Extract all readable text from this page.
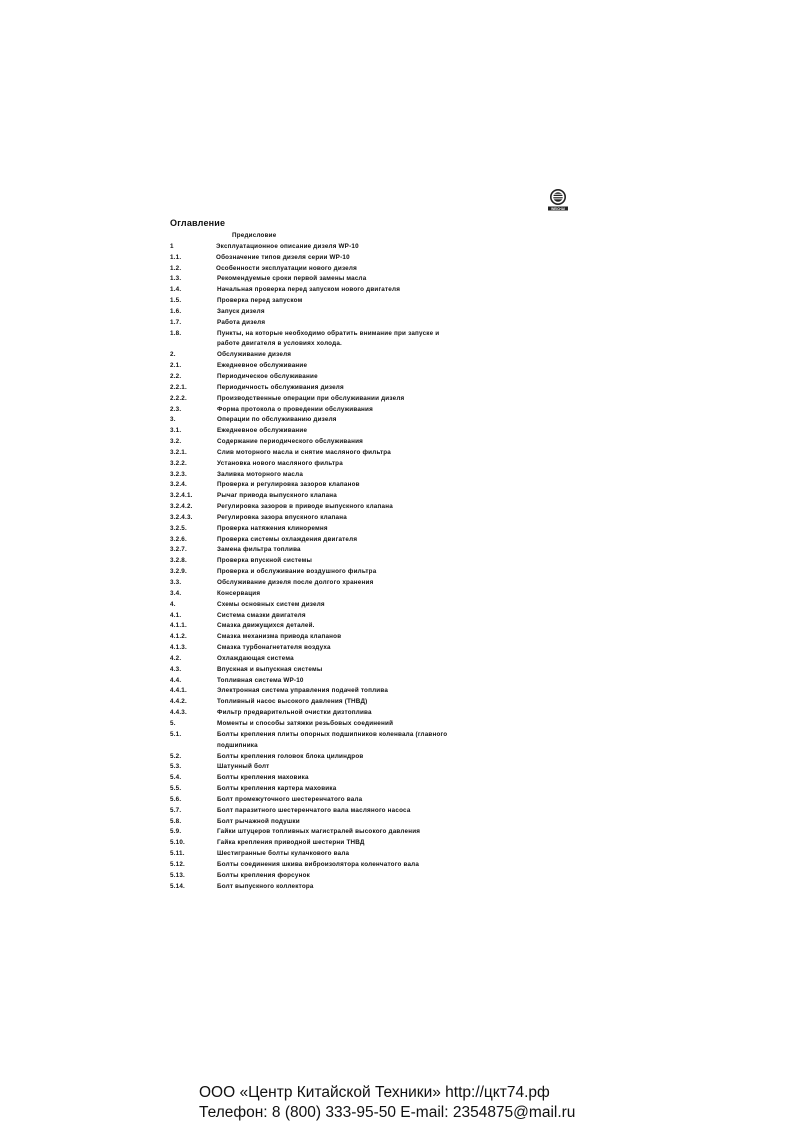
WEICHAI
Оглавление
Предисловие
1	Эксплуатационное описание дизеля WP-10
1.1.	Обозначение типов дизеля серии WP-10
1.2.	Особенности эксплуатации нового дизеля
1.3.	Рекомендуемые сроки первой замены масла
1.4.	Начальная проверка перед запуском нового двигателя
1.5.	Проверка перед запуском
1.6.	Запуск дизеля
1.7.	Работа дизеля
1.8.	Пункты, на которые необходимо обратить внимание при запуске и
работе двигателя в условиях холода.
2.	Обслуживание дизеля
2.1.	Ежедневное обслуживание
2.2.	Периодическое обслуживание
2.2.1.	Периодичность обслуживания дизеля
2.2.2.	Производственные операции при обслуживании дизеля
2.3.	Форма протокола о проведении обслуживания
3.	Операции по обслуживанию дизеля
3.1.	Ежедневное обслуживание
3.2.	Содержание периодического обслуживания
3.2.1.	Слив моторного масла и снятие масляного фильтра
3.2.2.	Установка нового масляного фильтра
3.2.3.	Заливка моторного масла
3.2.4.	Проверка и регулировка зазоров клапанов
3.2.4.1.	Рычаг привода выпускного клапана
3.2.4.2.	Регулировка зазоров в приводе выпускного клапана
3.2.4.3.	Регулировка зазора впускного клапана
3.2.5.	Проверка натяжения клиноремня
3.2.6.	Проверка системы охлаждения двигателя
3.2.7.	Замена фильтра топлива
3.2.8.	Проверка впускной системы
3.2.9.	Проверка и обслуживание воздушного фильтра
3.3.	Обслуживание дизеля после долгого хранения
3.4.	Консервация
4.	Схемы основных систем дизеля
4.1.	Система смазки двигателя
4.1.1.	Смазка движущихся деталей.
4.1.2.	Смазка механизма привода клапанов
4.1.3.	Смазка турбонагнетателя воздуха
4.2.	Охлаждающая система
4.3.	Впускная и выпускная системы
4.4.	Топливная система WP-10
4.4.1.	Электронная система управления подачей топлива
4.4.2.	Топливный насос высокого давления (ТНВД)
4.4.3.	Фильтр предварительной очистки дизтоплива
5.	Моменты и способы затяжки резьбовых соединений
5.1.	Болты крепления плиты опорных подшипников коленвала (главного
подшипника
5.2.	Болты крепления головок блока цилиндров
5.3.	Шатунный болт
5.4.	Болты крепления маховика
5.5.	Болты крепления картера маховика
5.6.	Болт промежуточного шестеренчатого вала
5.7.	Болт паразитного шестеренчатого вала масляного насоса
5.8.	Болт рычажной подушки
5.9.	Гайки штуцеров топливных магистралей высокого давления
5.10.	Гайка крепления приводной шестерни ТНВД
5.11.	Шестигранные болты кулачкового вала
5.12.	Болты соединения шкива виброизолятора коленчатого вала
5.13.	Болты крепления форсунок
5.14.	Болт выпускного коллектора
ООО «Центр Китайской Техники» http://цкт74.рф
Телефон: 8 (800) 333-95-50 E-mail: 2354875@mail.ru
